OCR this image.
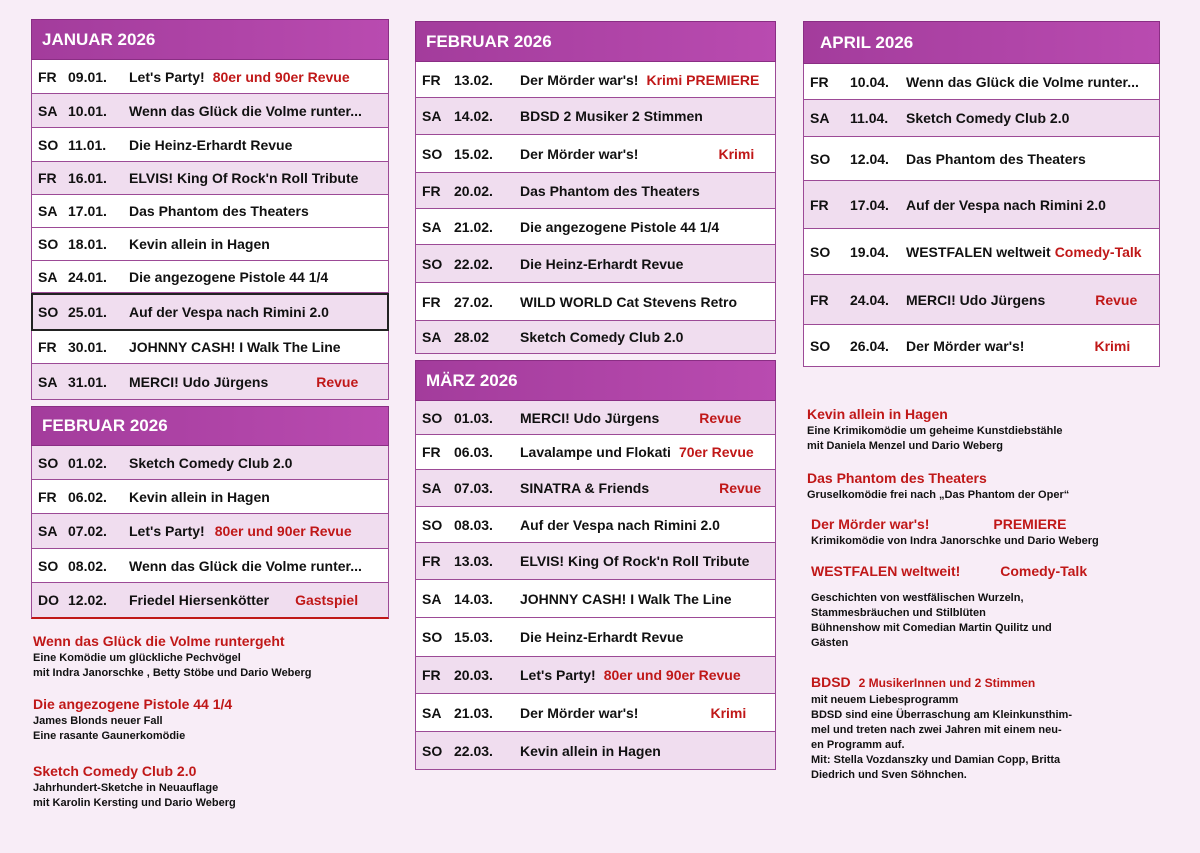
JANUAR 2026
FR 09.01.	Let's Party! 80er und 90er Revue
SA 10.01.	Wenn das Glück die Volme runter...
SO 11.01.	Die Heinz-Erhardt Revue
FR 16.01.	ELVIS! King Of Rock'n Roll Tribute
SA 17.01.	Das Phantom des Theaters
SO 18.01.	Kevin allein in Hagen
SA 24.01.	Die angezogene Pistole 44 1/4
SO 25.01.	Auf der Vespa nach Rimini 2.0
FR 30.01.	JOHNNY CASH! I Walk The Line
SA 31.01.	MERCI! Udo Jürgens	Revue
FEBRUAR 2026
SO 01.02.	Sketch Comedy Club 2.0
FR 06.02.	Kevin allein in Hagen
SA 07.02.	Let's Party! 80er und 90er Revue
SO 08.02.	Wenn das Glück die Volme runter...
DO 12.02.	Friedel Hiersenkötter Gastspiel
FEBRUAR 2026
FR 13.02.	Der Mörder war's! Krimi PREMIERE
SA 14.02.	BDSD 2 Musiker 2 Stimmen
SO 15.02.	Der Mörder war's!	Krimi
FR 20.02.	Das Phantom des Theaters
SA 21.02.	Die angezogene Pistole 44 1/4
SO 22.02.	Die Heinz-Erhardt Revue
FR 27.02.	WILD WORLD Cat Stevens Retro
SA 28.02	Sketch Comedy Club 2.0
MÄRZ 2026
SO 01.03.	MERCI! Udo Jürgens	Revue
FR 06.03.	Lavalampe und Flokati 70er Revue
SA 07.03.	SINATRA & Friends	Revue
SO 08.03.	Auf der Vespa nach Rimini 2.0
FR 13.03.	ELVIS! King Of Rock'n Roll Tribute
SA 14.03.	JOHNNY CASH! I Walk The Line
SO 15.03.	Die Heinz-Erhardt Revue
FR 20.03.	Let's Party! 80er und 90er Revue
SA 21.03.	Der Mörder war's!	Krimi
SO 22.03.	Kevin allein in Hagen
APRIL 2026
FR	10.04.	Wenn das Glück die Volme runter...
SA	11.04.	Sketch Comedy Club 2.0
SO	12.04.	Das Phantom des Theaters
FR	17.04.	Auf der Vespa nach Rimini 2.0
SO	19.04.	WESTFALEN weltweit Comedy-Talk
FR	24.04.	MERCI! Udo Jürgens	Revue
SO	26.04.	Der Mörder war's!	Krimi
Wenn das Glück die Volme runtergeht
Eine Komödie um glückliche Pechvögel
mit Indra Janorschke , Betty Stöbe und Dario Weberg
Die angezogene Pistole 44 1/4
James Blonds neuer Fall
Eine rasante Gaunerkomödie
Sketch Comedy Club 2.0
Jahrhundert-Sketche in Neuauflage
mit Karolin Kersting und Dario Weberg
Kevin allein in Hagen
Eine Krimikomödie um geheime Kunstdiebstähle
mit Daniela Menzel und Dario Weberg
Das Phantom des Theaters
Gruselkomödie frei nach „Das Phantom der Oper“
Der Mörder war's!	PREMIERE
Krimikomödie von Indra Janorschke und Dario Weberg
WESTFALEN weltweit!	Comedy-Talk
Geschichten von westfälischen Wurzeln,
Stammesbräuchen und Stilblüten
Bühnenshow mit Comedian Martin Quilitz und
Gästen
BDSD 2 MusikerInnen und 2 Stimmen
mit neuem Liebesprogramm
BDSD sind eine Überraschung am Kleinkunsthim-
mel und treten nach zwei Jahren mit einem neu-
en Programm auf.
Mit: Stella Vozdanszky und Damian Copp, Britta
Diedrich und Sven Söhnchen.
